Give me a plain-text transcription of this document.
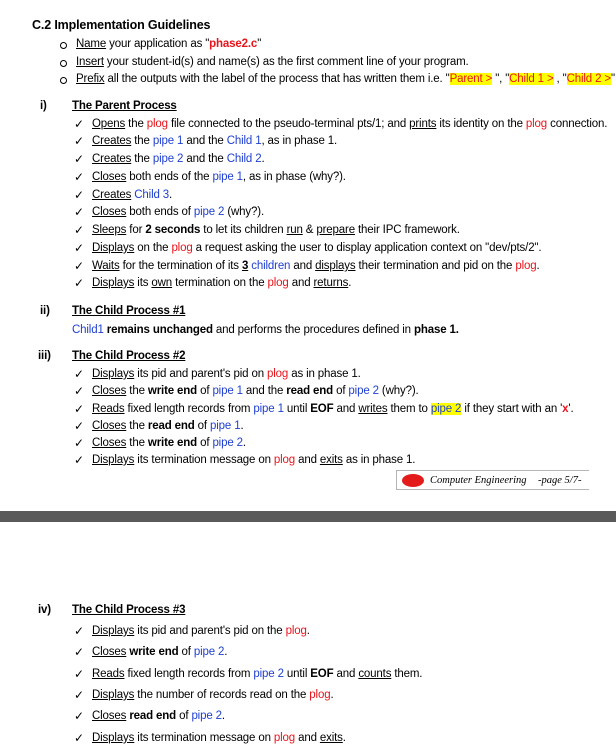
C.2 Implementation Guidelines
Name your application as "phase2.c"
Insert your student-id(s) and name(s) as the first comment line of your program.
Prefix all the outputs with the label of the process that has written them i.e. "Parent > ", "Child 1 > , "Child 2 >"
i) The Parent Process
✓ Opens the plog file connected to the pseudo-terminal pts/1; and prints its identity on the plog connection.
✓ Creates the pipe 1 and the Child 1, as in phase 1.
✓ Creates the pipe 2 and the Child 2.
✓ Closes both ends of the pipe 1, as in phase (why?).
✓ Creates Child 3.
✓ Closes both ends of pipe 2 (why?).
✓ Sleeps for 2 seconds to let its children run & prepare their IPC framework.
✓ Displays on the plog a request asking the user to display application context on "dev/pts/2".
✓ Waits for the termination of its 3 children and displays their termination and pid on the plog.
✓ Displays its own termination on the plog and returns.
ii) The Child Process #1
Child1 remains unchanged and performs the procedures defined in phase 1.
iii) The Child Process #2
✓ Displays its pid and parent's pid on plog as in phase 1.
✓ Closes the write end of pipe 1 and the read end of pipe 2 (why?).
✓ Reads fixed length records from pipe 1 until EOF and writes them to pipe 2 if they start with an 'x'.
✓ Closes the read end of pipe 1.
✓ Closes the write end of pipe 2.
✓ Displays its termination message on plog and exits as in phase 1.
Computer Engineering -page 5/7-
iv) The Child Process #3
✓ Displays its pid and parent's pid on the plog.
✓ Closes write end of pipe 2.
✓ Reads fixed length records from pipe 2 until EOF and counts them.
✓ Displays the number of records read on the plog.
✓ Closes read end of pipe 2.
✓ Displays its termination message on plog and exits.
